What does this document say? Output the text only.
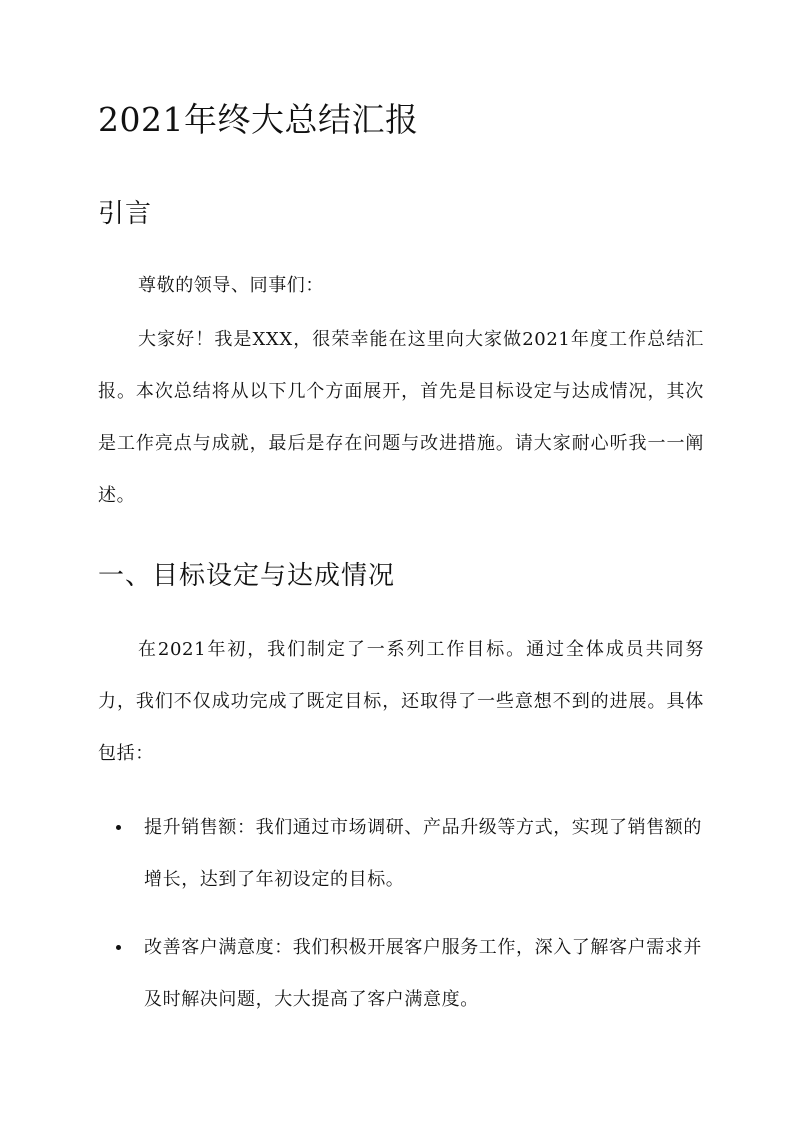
2021年终大总结汇报
引言

尊敬的领导、同事们：

大家好！我是XXX，很荣幸能在这里向大家做2021年度工作总结汇报。本次总结将从以下几个方面展开，首先是目标设定与达成情况，其次是工作亮点与成就，最后是存在问题与改进措施。请大家耐心听我一一阐述。

一、目标设定与达成情况

在2021年初，我们制定了一系列工作目标。通过全体成员共同努力，我们不仅成功完成了既定目标，还取得了一些意想不到的进展。具体包括：

提升销售额：我们通过市场调研、产品升级等方式，实现了销售额的增长，达到了年初设定的目标。
改善客户满意度：我们积极开展客户服务工作，深入了解客户需求并及时解决问题，大大提高了客户满意度。
